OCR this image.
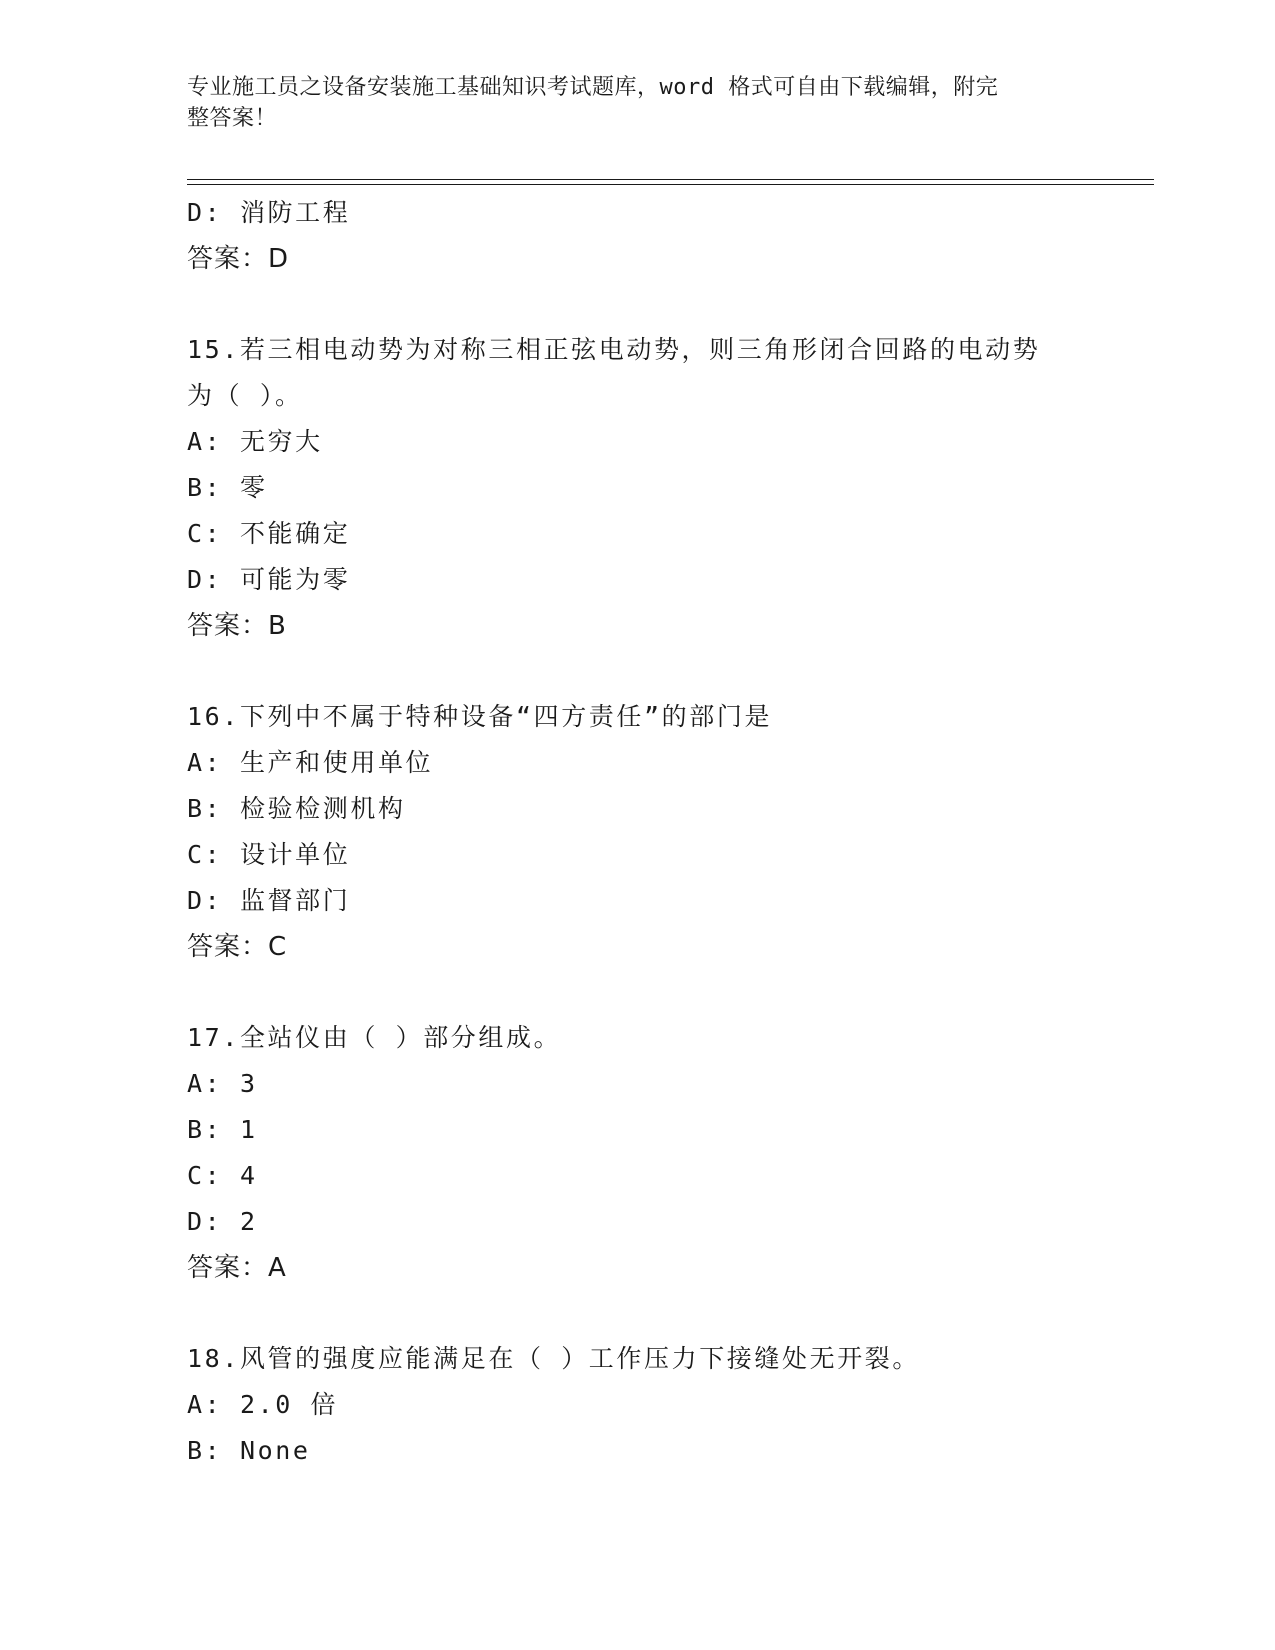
专业施工员之设备安装施工基础知识考试题库，word 格式可自由下载编辑，附完
整答案！
D: 消防工程
答案：D
15.若三相电动势为对称三相正弦电动势，则三角形闭合回路的电动势
为（ ）。
A: 无穷大
B: 零
C: 不能确定
D: 可能为零
答案：B
16.下列中不属于特种设备“四方责任”的部门是
A: 生产和使用单位
B: 检验检测机构
C: 设计单位
D: 监督部门
答案：C
17.全站仪由（ ）部分组成。
A: 3
B: 1
C: 4
D: 2
答案：A
18.风管的强度应能满足在（ ）工作压力下接缝处无开裂。
A: 2.0 倍
B: None
